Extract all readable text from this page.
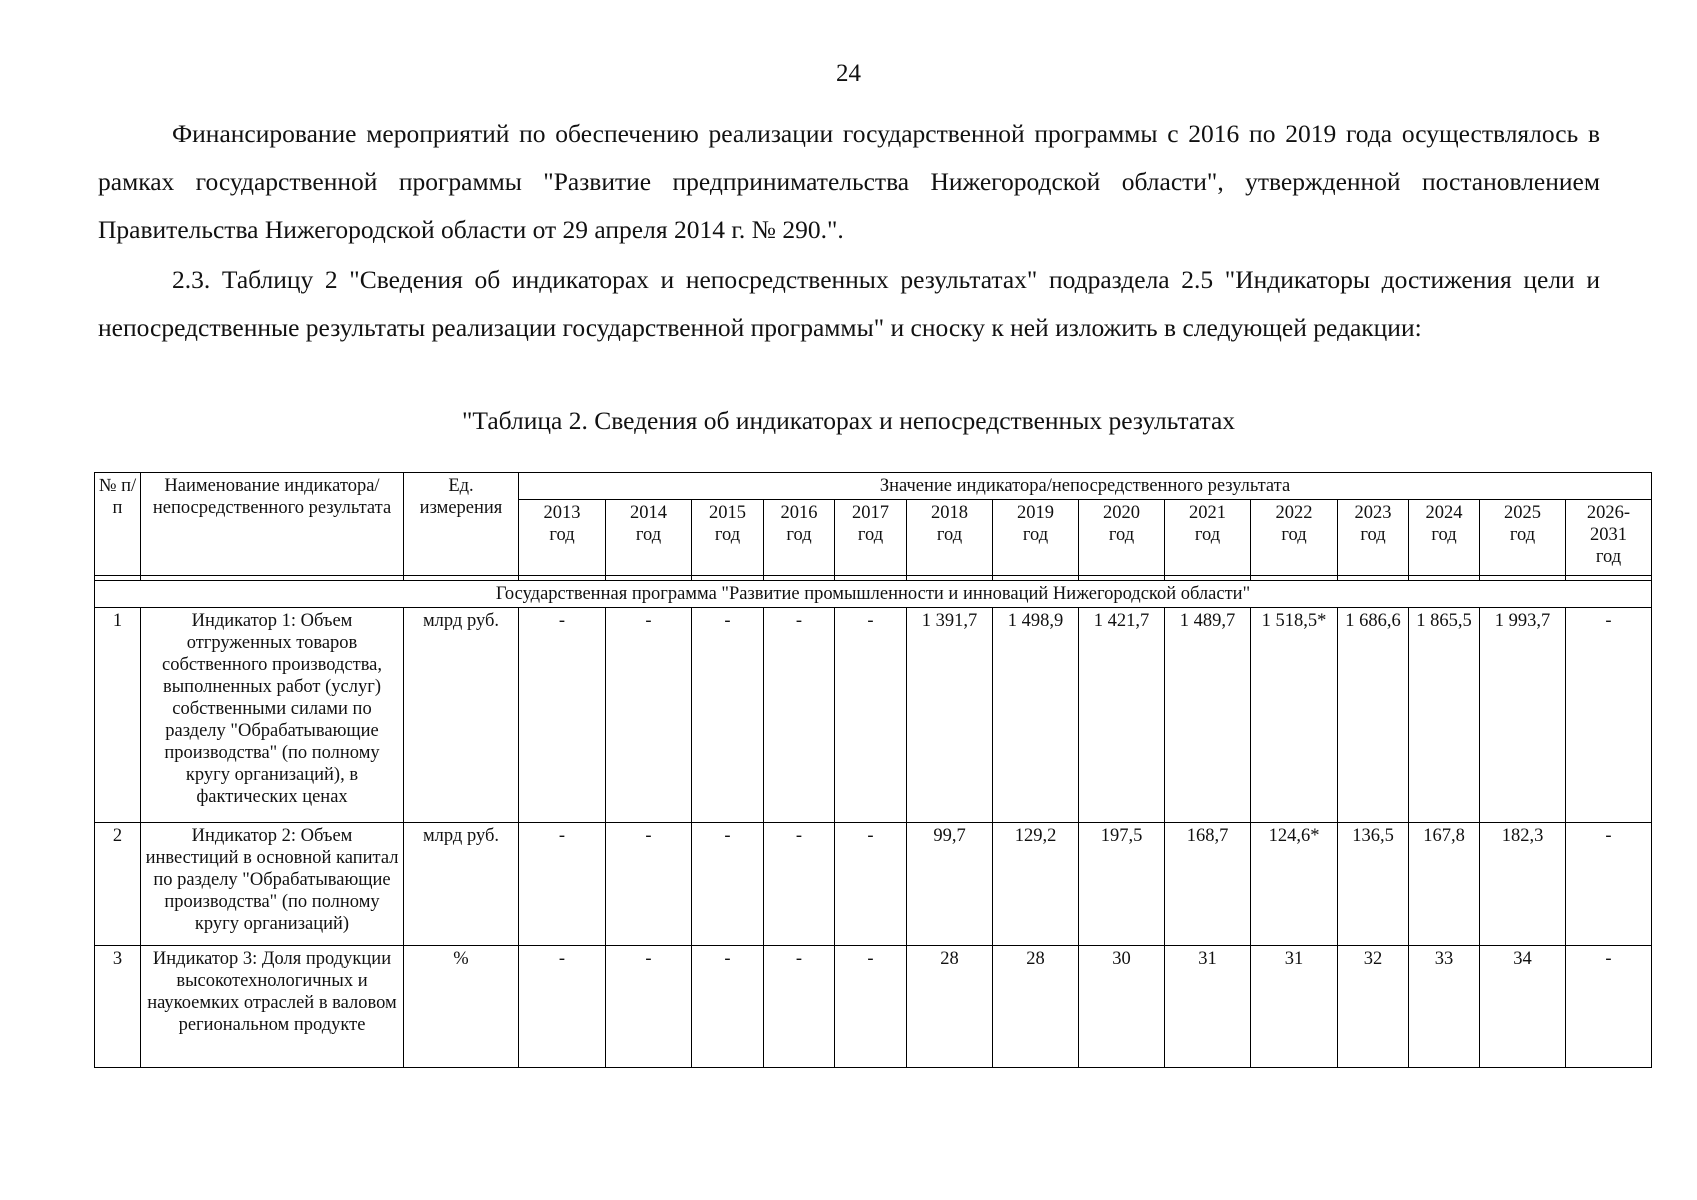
24

Финансирование мероприятий по обеспечению реализации государственной программы с 2016 по 2019 года осуществлялось в рамках государственной программы "Развитие предпринимательства Нижегородской области", утвержденной постановлением Правительства Нижегородской области от 29 апреля 2014 г. № 290.".

2.3. Таблицу 2 "Сведения об индикаторах и непосредственных результатах" подраздела 2.5 "Индикаторы достижения цели и непосредственные результаты реализации государственной программы" и сноску к ней изложить в следующей редакции:

"Таблица 2. Сведения об индикаторах и непосредственных результатах
№ п/п	Наименование индикатора/непосредственного результата	Ед. измерения	Значение индикатора/непосредственного результата													

			2013
год	2014
год	2015
год	2016
год	2017
год	2018
год	2019
год	2020
год	2021
год	2022
год	2023
год	2024
год	2025
год	2026-2031
год

Государственная программа "Развитие промышленности и инноваций Нижегородской области"																
1	Индикатор 1: Объем отгруженных товаров собственного производства, выполненных работ (услуг) собственными силами по разделу "Обрабатывающие производства" (по полному кругу организаций), в фактических ценах	млрд руб.	-	-	-	-	-	1 391,7	1 498,9	1 421,7	1 489,7	1 518,5*	1 686,6	1 865,5	1 993,7	-
2	Индикатор 2: Объем инвестиций в основной капитал по разделу "Обрабатывающие производства" (по полному кругу организаций)	млрд руб.	-	-	-	-	-	99,7	129,2	197,5	168,7	124,6*	136,5	167,8	182,3	-
3	Индикатор 3: Доля продукции высокотехнологичных и наукоемких отраслей в валовом региональном продукте	%	-	-	-	-	-	28	28	30	31	31	32	33	34	-
